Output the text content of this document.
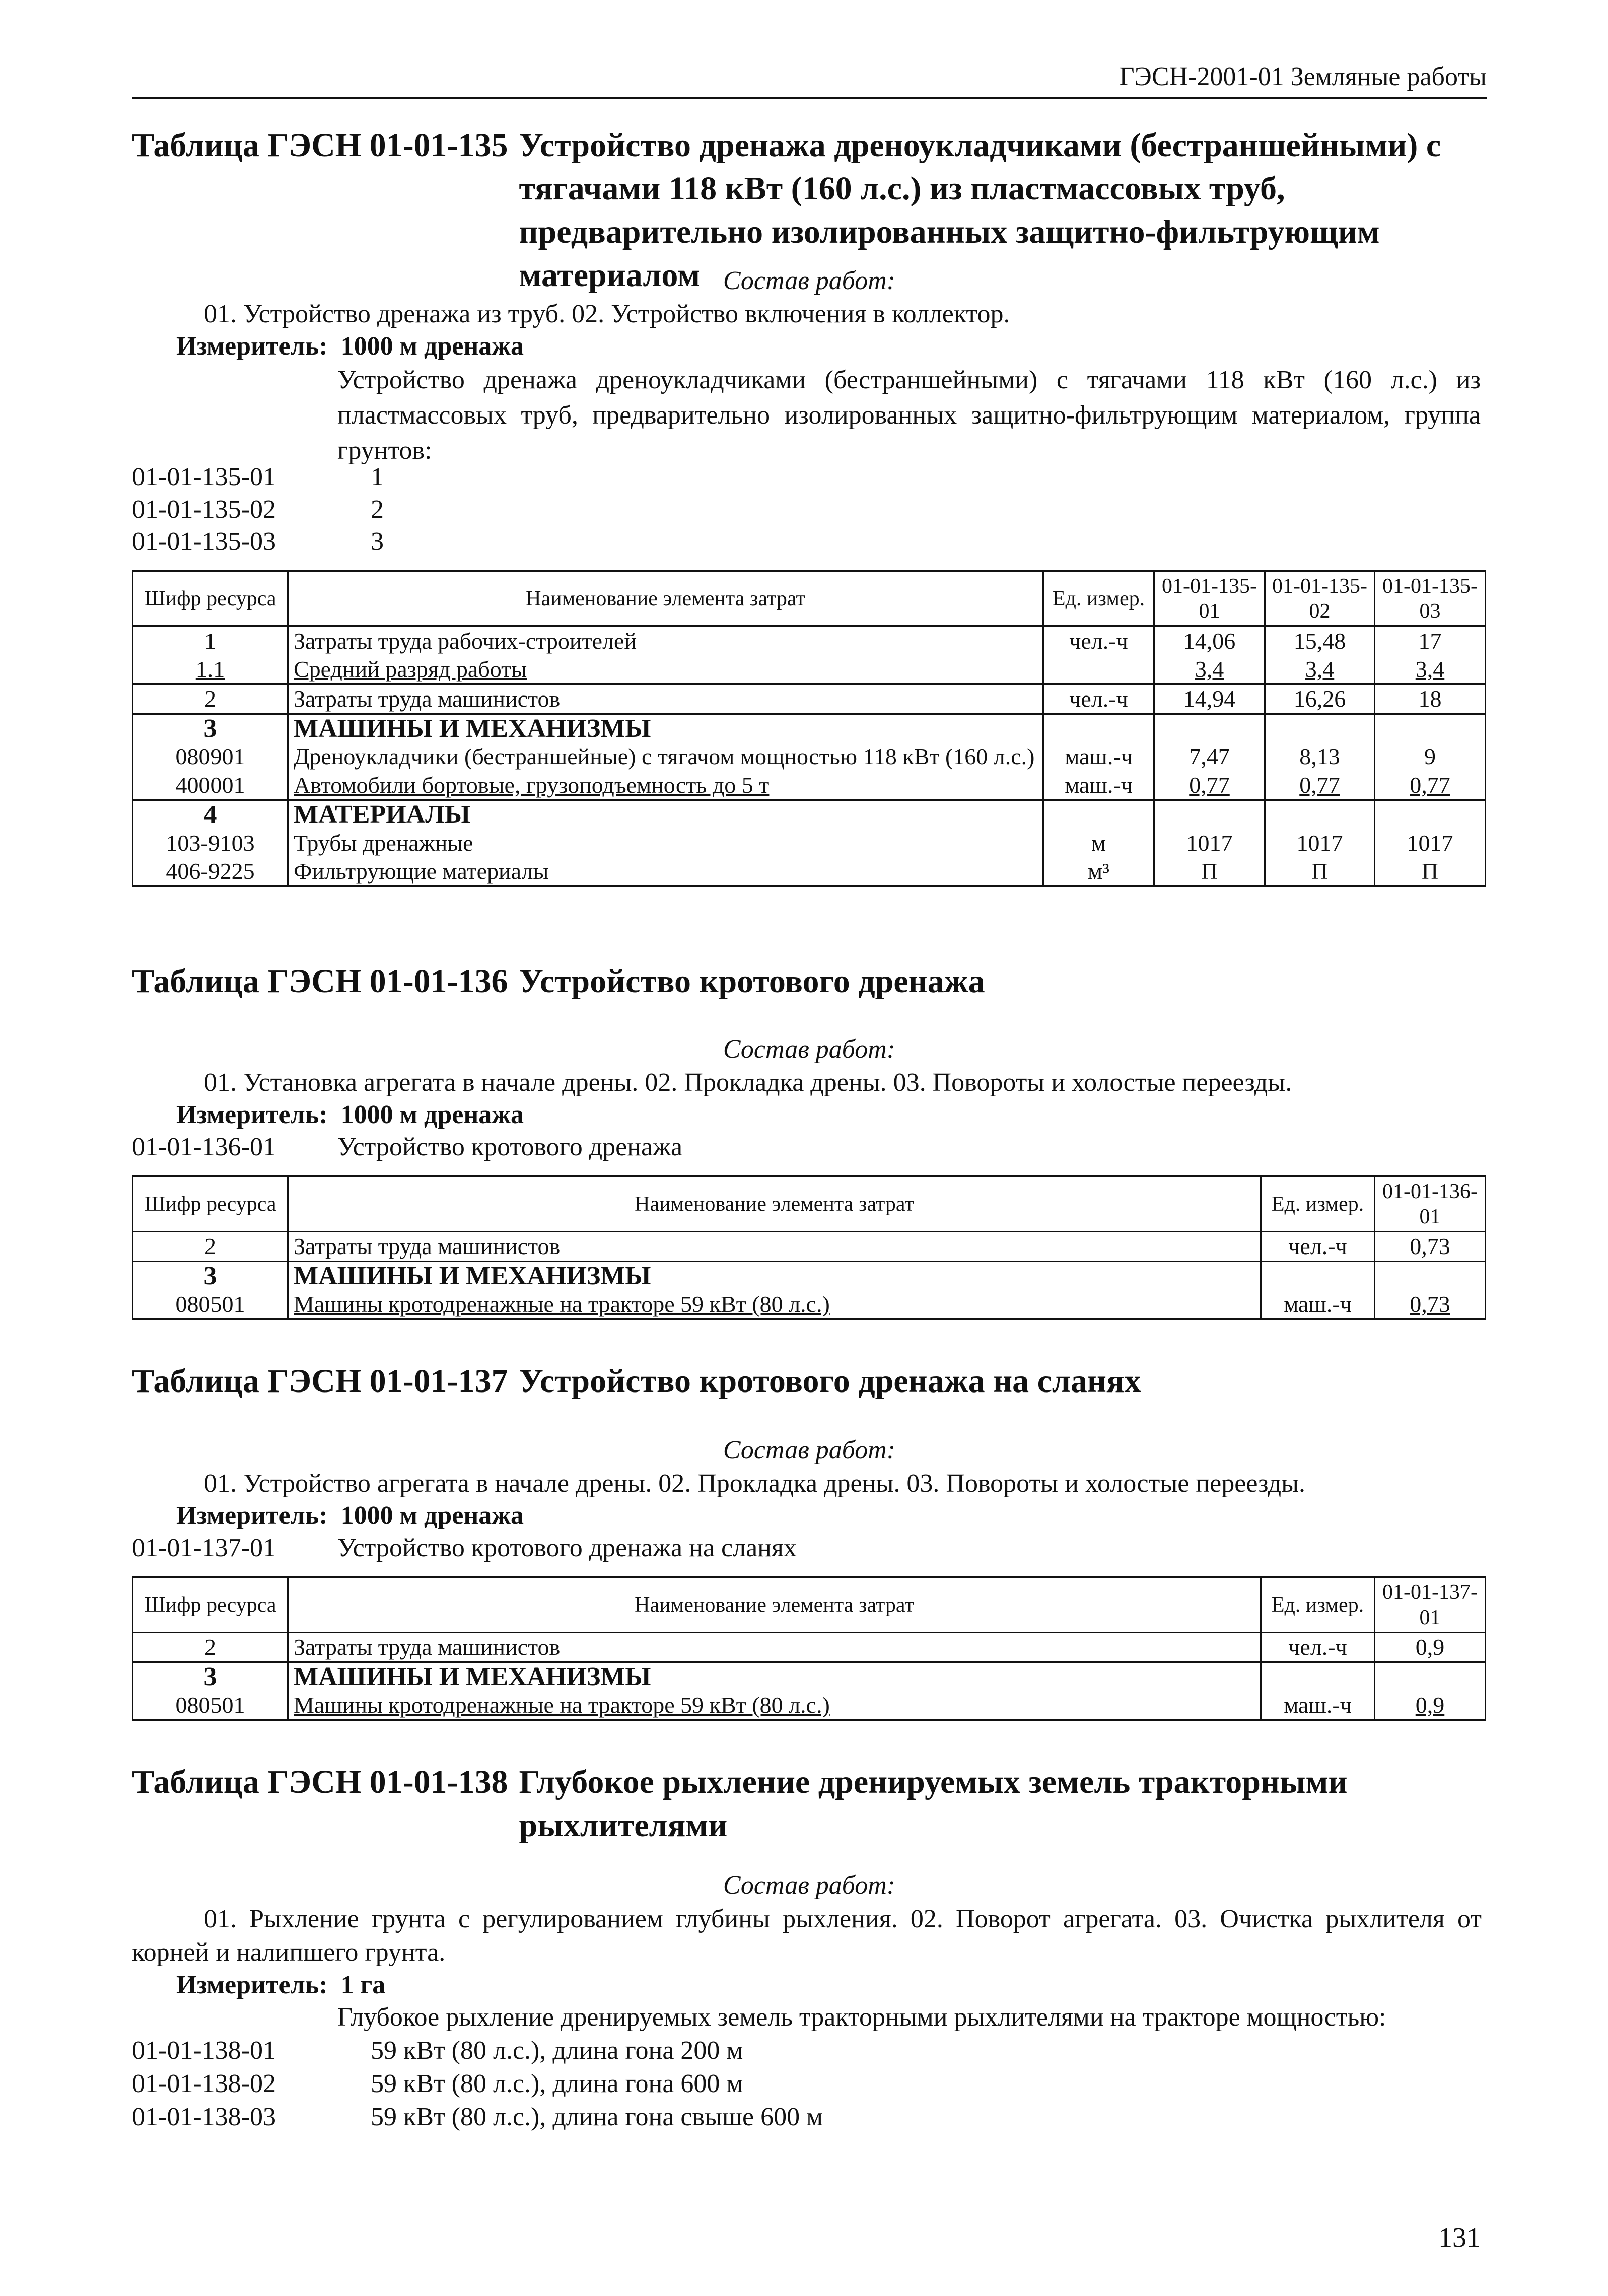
ГЭСН-2001-01 Земляные работы
Таблица ГЭСН 01-01-135 Устройство дренажа дреноукладчиками (бестраншейными) с тягачами 118 кВт (160 л.с.) из пластмассовых труб, предварительно изолированных защитно-фильтрующим материалом Состав работ:
01. Устройство дренажа из труб. 02. Устройство включения в коллектор.
Измеритель: 1000 м дренажа
Устройство дренажа дреноукладчиками (бестраншейными) с тягачами 118 кВт (160 л.с.) из пластмассовых труб, предварительно изолированных защитно-фильтрующим материалом, группа грунтов:
01-01-135-01	1
01-01-135-02	2
01-01-135-03	3
Шифр ресурса	Наименование элемента затрат	Ед. измер.	01-01-135-01	01-01-135-02	01-01-135-03
1	Затраты труда рабочих-строителей	чел.-ч	14,06	15,48	17
1.1	Средний разряд работы		3,4	3,4	3,4
2	Затраты труда машинистов	чел.-ч	14,94	16,26	18
3	МАШИНЫ И МЕХАНИЗМЫ				
080901	Дреноукладчики (бестраншейные) с тягачом мощностью 118 кВт (160 л.с.)	маш.-ч	7,47	8,13	9
400001	Автомобили бортовые, грузоподъемность до 5 т	маш.-ч	0,77	0,77	0,77
4	МАТЕРИАЛЫ				
103-9103	Трубы дренажные	м	1017	1017	1017
406-9225	Фильтрующие материалы	м³	П	П	П
Таблица ГЭСН 01-01-136 Устройство кротового дренажа
Состав работ:
01. Установка агрегата в начале дрены. 02. Прокладка дрены. 03. Повороты и холостые переезды.
Измеритель: 1000 м дренажа
01-01-136-01 Устройство кротового дренажа
Шифр ресурса	Наименование элемента затрат	Ед. измер.	01-01-136-01
2	Затраты труда машинистов	чел.-ч	0,73
3	МАШИНЫ И МЕХАНИЗМЫ		
080501	Машины кротодренажные на тракторе 59 кВт (80 л.с.)	маш.-ч	0,73
Таблица ГЭСН 01-01-137 Устройство кротового дренажа на сланях
Состав работ:
01. Устройство агрегата в начале дрены. 02. Прокладка дрены. 03. Повороты и холостые переезды.
Измеритель: 1000 м дренажа
01-01-137-01 Устройство кротового дренажа на сланях
Шифр ресурса	Наименование элемента затрат	Ед. измер.	01-01-137-01
2	Затраты труда машинистов	чел.-ч	0,9
3	МАШИНЫ И МЕХАНИЗМЫ		
080501	Машины кротодренажные на тракторе 59 кВт (80 л.с.)	маш.-ч	0,9
Таблица ГЭСН 01-01-138 Глубокое рыхление дренируемых земель тракторными рыхлителями
Состав работ:
01. Рыхление грунта с регулированием глубины рыхления. 02. Поворот агрегата. 03. Очистка рыхлителя от корней и налипшего грунта.
Измеритель: 1 га
Глубокое рыхление дренируемых земель тракторными рыхлителями на тракторе мощностью:
01-01-138-01	59 кВт (80 л.с.), длина гона 200 м
01-01-138-02	59 кВт (80 л.с.), длина гона 600 м
01-01-138-03	59 кВт (80 л.с.), длина гона свыше 600 м
131
